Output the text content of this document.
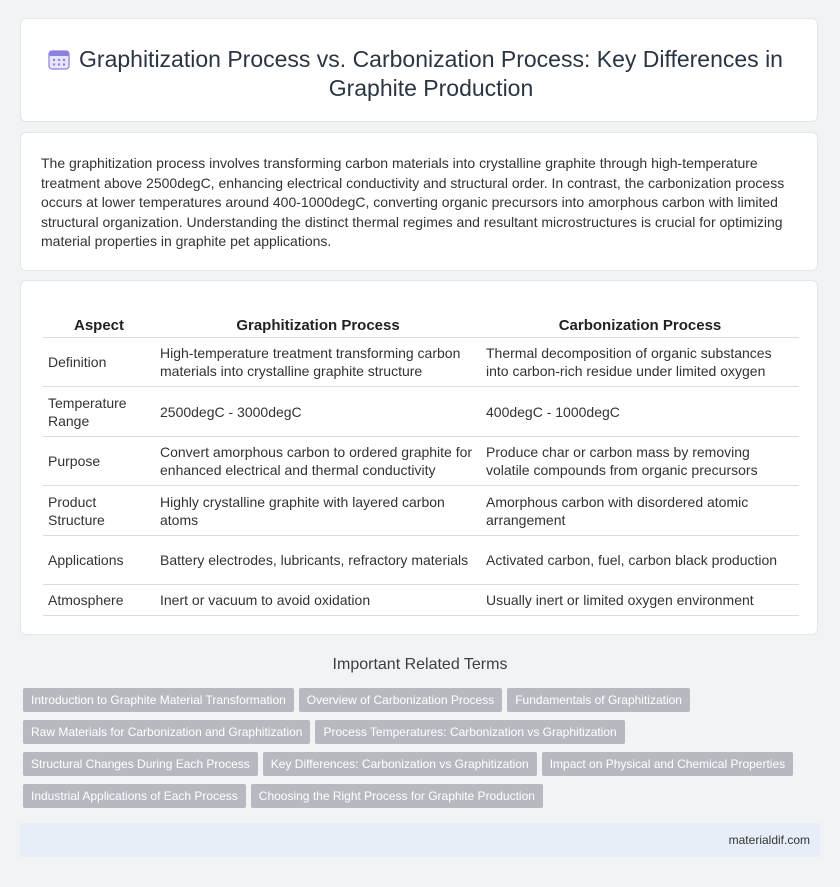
Graphitization Process vs. Carbonization Process: Key Differences in Graphite Production

The graphitization process involves transforming carbon materials into crystalline graphite through high-temperature treatment above 2500degC, enhancing electrical conductivity and structural order. In contrast, the carbonization process occurs at lower temperatures around 400-1000degC, converting organic precursors into amorphous carbon with limited structural organization. Understanding the distinct thermal regimes and resultant microstructures is crucial for optimizing material properties in graphite pet applications.

Aspect	Graphitization Process	Carbonization Process
Definition	High-temperature treatment transforming carbon materials into crystalline graphite structure	Thermal decomposition of organic substances into carbon-rich residue under limited oxygen
Temperature Range	2500degC - 3000degC	400degC - 1000degC
Purpose	Convert amorphous carbon to ordered graphite for enhanced electrical and thermal conductivity	Produce char or carbon mass by removing volatile compounds from organic precursors
Product Structure	Highly crystalline graphite with layered carbon atoms	Amorphous carbon with disordered atomic arrangement
Applications	Battery electrodes, lubricants, refractory materials	Activated carbon, fuel, carbon black production
Atmosphere	Inert or vacuum to avoid oxidation	Usually inert or limited oxygen environment
Important Related Terms
Introduction to Graphite Material Transformation Overview of Carbonization Process Fundamentals of Graphitization
Raw Materials for Carbonization and Graphitization Process Temperatures: Carbonization vs Graphitization
Structural Changes During Each Process Key Differences: Carbonization vs Graphitization Impact on Physical and Chemical Properties
Industrial Applications of Each Process Choosing the Right Process for Graphite Production
materialdif.com
